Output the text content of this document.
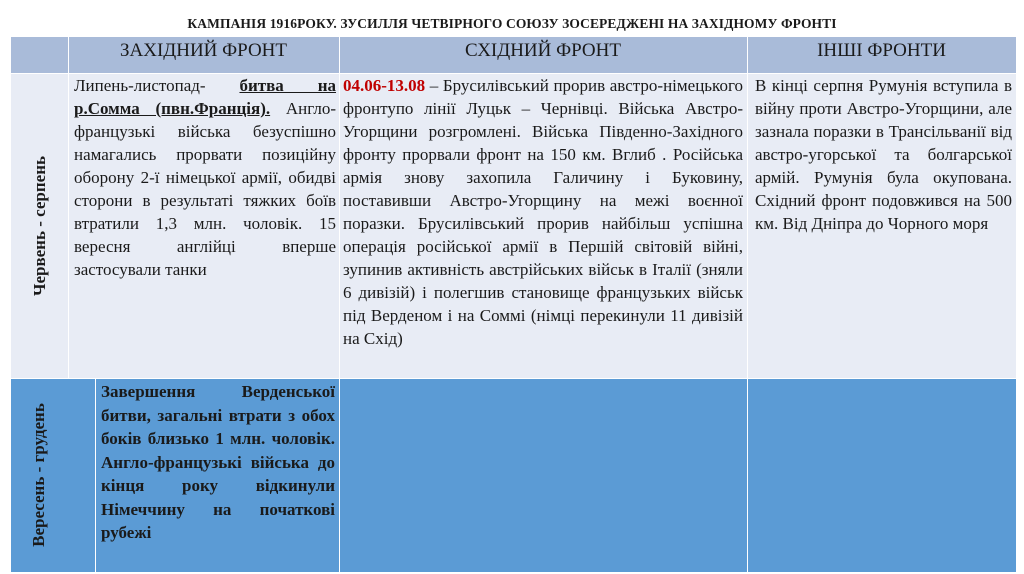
КАМПАНІЯ 1916РОКУ. ЗУСИЛЛЯ ЧЕТВІРНОГО СОЮЗУ ЗОСЕРЕДЖЕНІ НА ЗАХІДНОМУ ФРОНТІ
ЗАХІДНИЙ ФРОНТ	СХІДНИЙ ФРОНТ	ІНШІ ФРОНТИ
Червень - серпень
Липень-листопад- битва на р.Сомма (пвн.Франція). Англо-французькі війська безуспішно намагались прорвати позиційну оборону 2-ї німецької армії, обидві сторони в результаті тяжких боїв втратили 1,3 млн. чоловік. 15 вересня англійці вперше застосували танки
04.06-13.08 – Брусилівський прорив австро-німецького фронтупо лінії Луцьк – Чернівці. Війська Австро-Угорщини розгромлені. Війська Південно-Західного фронту прорвали фронт на 150 км. Вглиб . Російська армія знову захопила Галичину і Буковину, поставивши Австро-Угорщину на межі воєнної поразки. Брусилівський прорив найбільш успішна операція російської армії в Першій світовій війні, зупинив активність австрійських військ в Італії (зняли 6 дивізій) і полегшив становище французьких військ під Верденом і на Соммі (німці перекинули 11 дивізій на Схід)
В кінці серпня Румунія вступила в війну проти Австро-Угорщини, але зазнала поразки в Трансільванії від австро-угорської та болгарської армій. Румунія була окупована. Східний фронт подовжився на 500 км. Від Дніпра до Чорного моря
Вересень - грудень
Завершення Верденської битви, загальні втрати з обох боків близько 1 млн. чоловік. Англо-французькі війська до кінця року відкинули Німеччину на початкові рубежі
